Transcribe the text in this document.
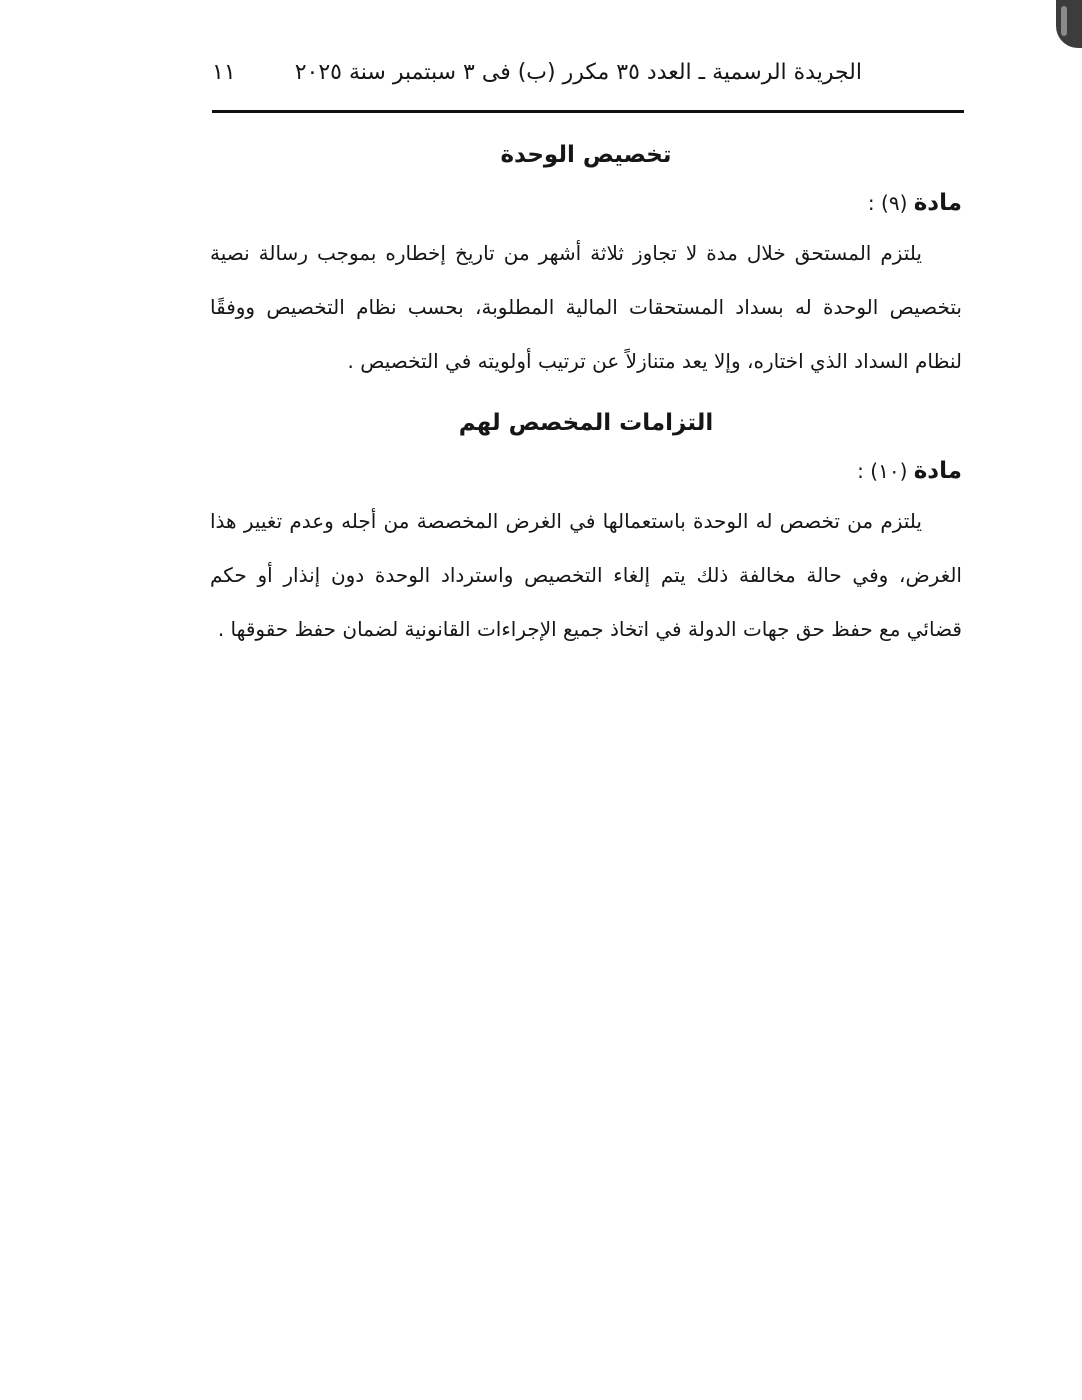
الجريدة الرسمية ـ العدد ٣٥ مكرر (ب) فى ٣ سبتمبر سنة ٢٠٢٥
١١
تخصيص الوحدة
مادة (٩) :

يلتزم المستحق خلال مدة لا تجاوز ثلاثة أشهر من تاريخ إخطاره بموجب رسالة نصية بتخصيص الوحدة له بسداد المستحقات المالية المطلوبة، بحسب نظام التخصيص ووفقًا لنظام السداد الذي اختاره، وإلا يعد متنازلاً عن ترتيب أولويته في التخصيص .

التزامات المخصص لهم
مادة (١٠) :

يلتزم من تخصص له الوحدة باستعمالها في الغرض المخصصة من أجله وعدم تغيير هذا الغرض، وفي حالة مخالفة ذلك يتم إلغاء التخصيص واسترداد الوحدة دون إنذار أو حكم قضائي مع حفظ حق جهات الدولة في اتخاذ جميع الإجراءات القانونية لضمان حفظ حقوقها .
